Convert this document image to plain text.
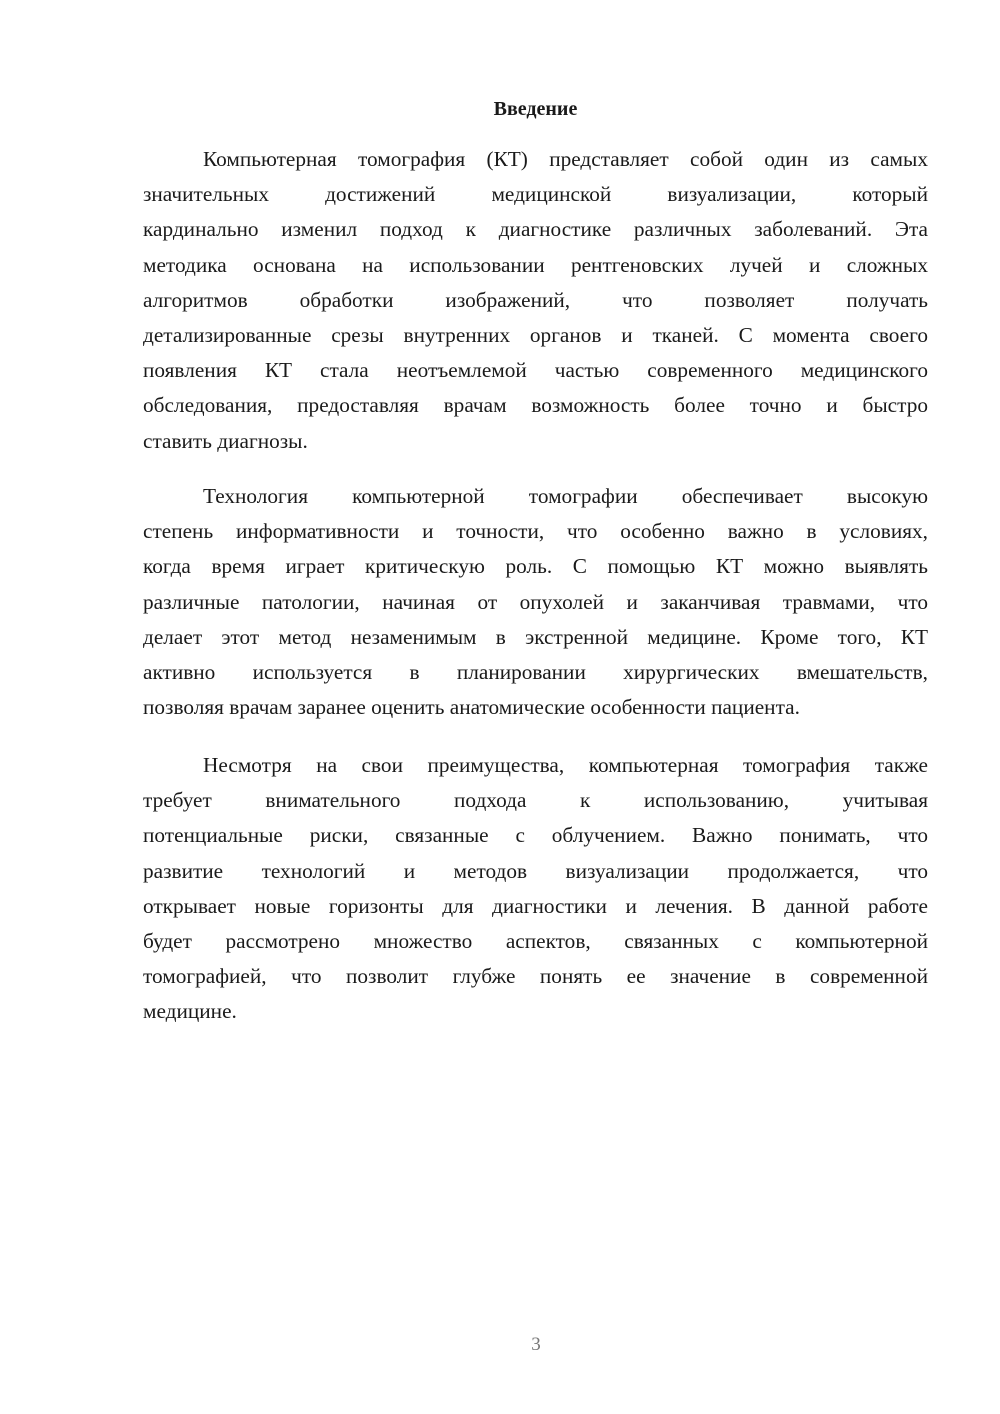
Введение
Компьютерная томография (КТ) представляет собой один из самых
значительных достижений медицинской визуализации, который
кардинально изменил подход к диагностике различных заболеваний. Эта
методика основана на использовании рентгеновских лучей и сложных
алгоритмов обработки изображений, что позволяет получать
детализированные срезы внутренних органов и тканей. С момента своего
появления КТ стала неотъемлемой частью современного медицинского
обследования, предоставляя врачам возможность более точно и быстро
ставить диагнозы.
Технология компьютерной томографии обеспечивает высокую
степень информативности и точности, что особенно важно в условиях,
когда время играет критическую роль. С помощью КТ можно выявлять
различные патологии, начиная от опухолей и заканчивая травмами, что
делает этот метод незаменимым в экстренной медицине. Кроме того, КТ
активно используется в планировании хирургических вмешательств,
позволяя врачам заранее оценить анатомические особенности пациента.
Несмотря на свои преимущества, компьютерная томография также
требует внимательного подхода к использованию, учитывая
потенциальные риски, связанные с облучением. Важно понимать, что
развитие технологий и методов визуализации продолжается, что
открывает новые горизонты для диагностики и лечения. В данной работе
будет рассмотрено множество аспектов, связанных с компьютерной
томографией, что позволит глубже понять ее значение в современной
медицине.
3
